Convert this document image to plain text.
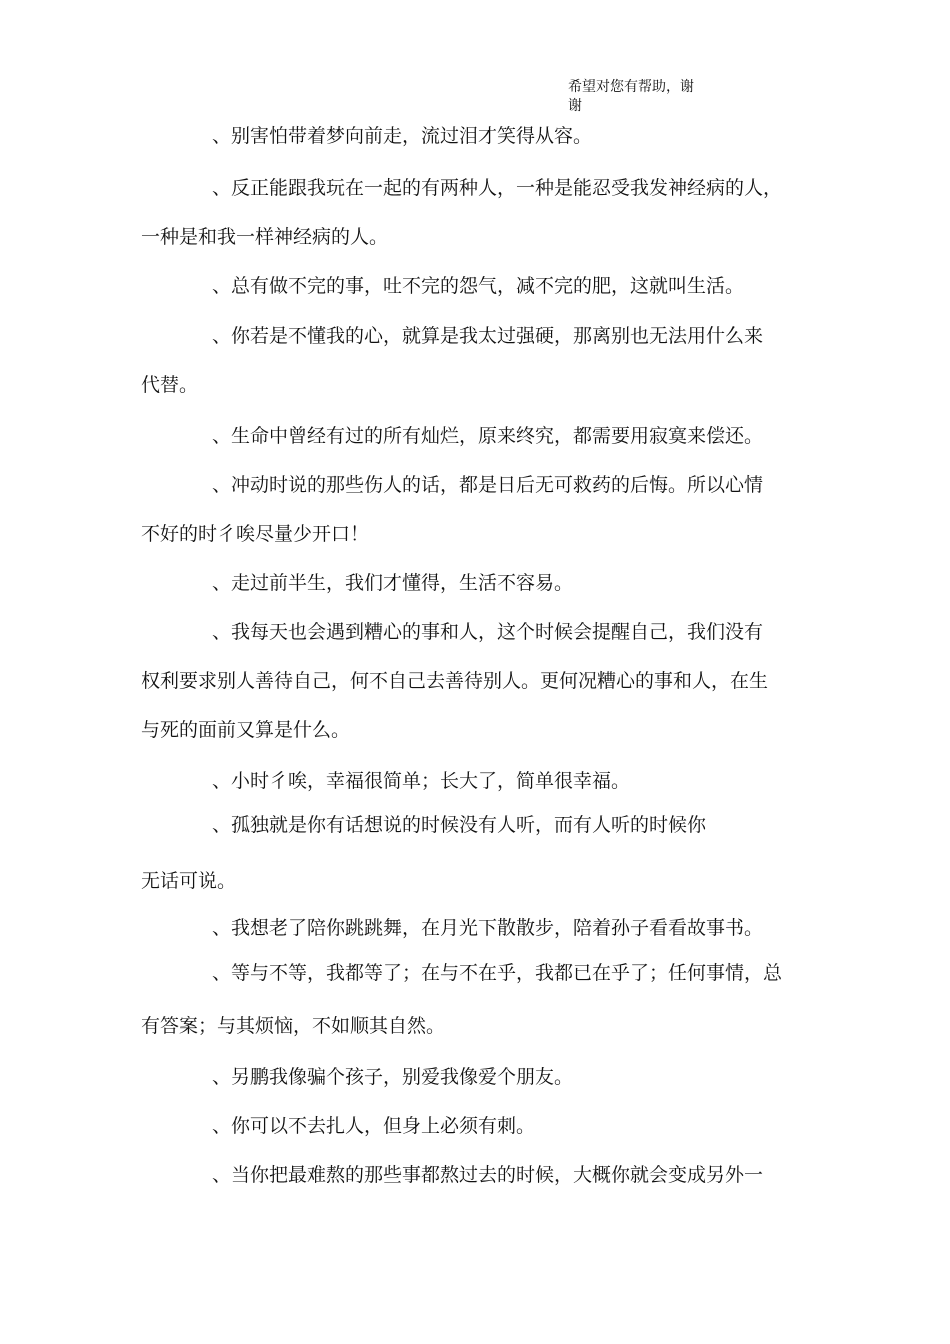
希望对您有帮助，谢
谢
、别害怕带着梦向前走，流过泪才笑得从容。
、反正能跟我玩在一起的有两种人，一种是能忍受我发神经病的人，
一种是和我一样神经病的人。
、总有做不完的事，吐不完的怨气，减不完的肥，这就叫生活。
、你若是不懂我的心，就算是我太过强硬，那离别也无法用什么来
代替。
、生命中曾经有过的所有灿烂，原来终究，都需要用寂寞来偿还。
、冲动时说的那些伤人的话，都是日后无可救药的后悔。所以心情
不好的时彳唉尽量少开口！
、走过前半生，我们才懂得，生活不容易。
、我每天也会遇到糟心的事和人，这个时候会提醒自己，我们没有
权利要求别人善待自己，何不自己去善待别人。更何况糟心的事和人，在生
与死的面前又算是什么。
、小时彳唉，幸福很简单；长大了，简单很幸福。
、孤独就是你有话想说的时候没有人听，而有人听的时候你
无话可说。
、我想老了陪你跳跳舞，在月光下散散步，陪着孙子看看故事书。
、等与不等，我都等了；在与不在乎，我都已在乎了；任何事情，总
有答案；与其烦恼，不如顺其自然。
、另鹏我像骗个孩子，别爱我像爱个朋友。
、你可以不去扎人，但身上必须有刺。
、当你把最难熬的那些事都熬过去的时候，大概你就会变成另外一
